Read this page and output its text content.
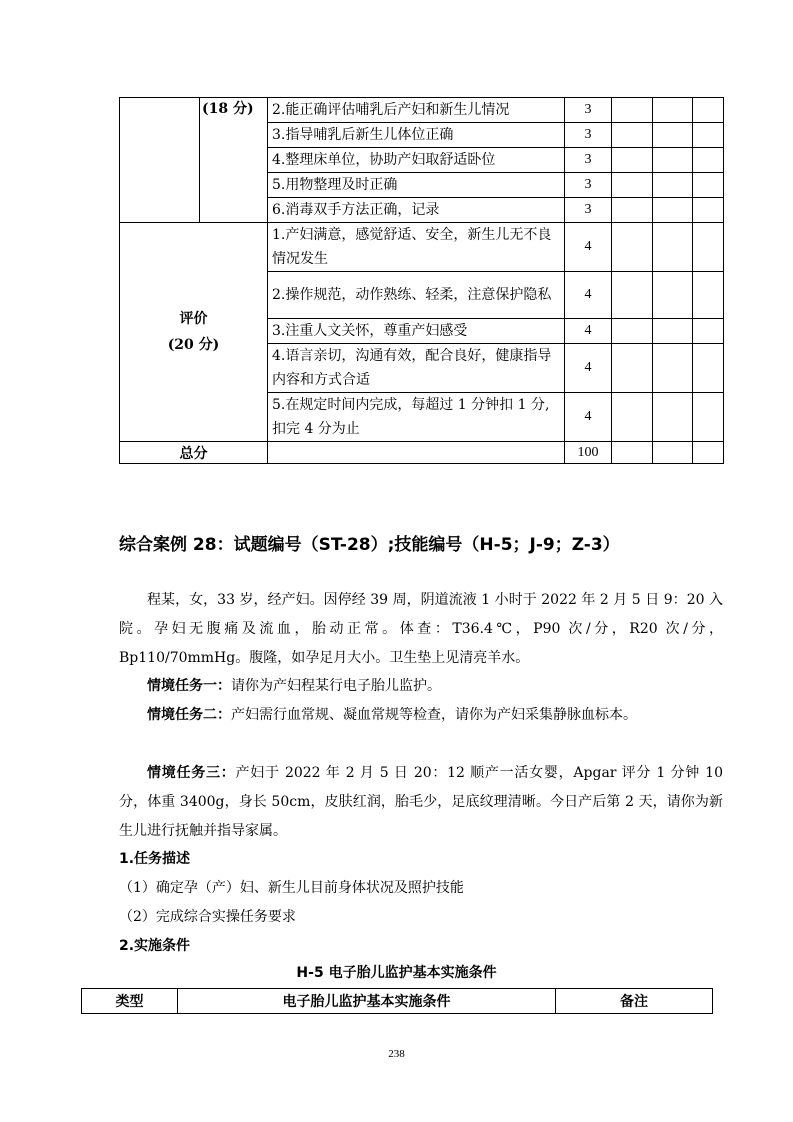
	(18 分)	2.能正确评估哺乳后产妇和新生儿情况	3			
		3.指导哺乳后新生儿体位正确	3			
		4.整理床单位，协助产妇取舒适卧位	3			
		5.用物整理及时正确	3			
		6.消毒双手方法正确，记录	3			

评价
(20 分)		1.产妇满意，感觉舒适、安全，新生儿无不良情况发生	4			
		2.操作规范，动作熟练、轻柔，注意保护隐私	4			
		3.注重人文关怀，尊重产妇感受	4			
		4.语言亲切，沟通有效，配合良好，健康指导内容和方式合适	4			
		5.在规定时间内完成，每超过 1 分钟扣 1 分,扣完 4 分为止	4			
总分			100			
综合案例 28：试题编号（ST-28）;技能编号（H-5；J-9；Z-3）
程某，女，33 岁，经产妇。因停经 39 周，阴道流液 1 小时于 2022 年 2 月 5 日 9：20 入院。孕妇无腹痛及流血，胎动正常。体查：T36.4℃，P90 次/分，R20 次/分，Bp110/70mmHg。腹隆，如孕足月大小。卫生垫上见清亮羊水。
情境任务一：请你为产妇程某行电子胎儿监护。
情境任务二：产妇需行血常规、凝血常规等检查，请你为产妇采集静脉血标本。
情境任务三：产妇于 2022 年 2 月 5 日 20：12 顺产一活女婴，Apgar 评分 1 分钟 10 分，体重 3400g，身长 50cm，皮肤红润，胎毛少，足底纹理清晰。今日产后第 2 天，请你为新生儿进行抚触并指导家属。
1.任务描述
（1）确定孕（产）妇、新生儿目前身体状况及照护技能
（2）完成综合实操任务要求
2.实施条件
H-5 电子胎儿监护基本实施条件
类型	电子胎儿监护基本实施条件	备注
238
